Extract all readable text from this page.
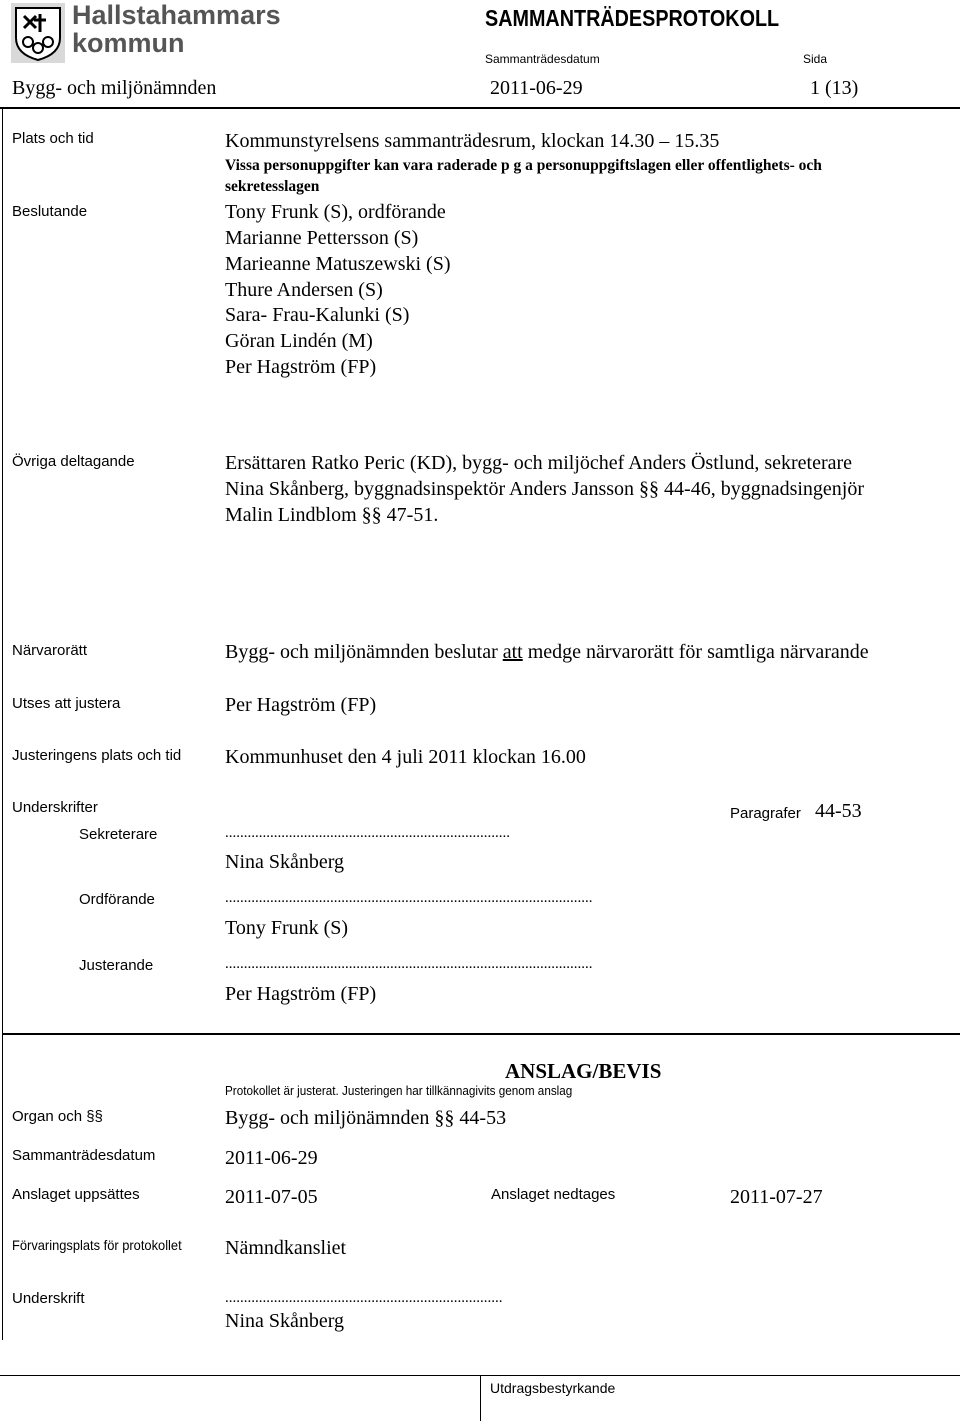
Hallstahammars
kommun
SAMMANTRÄDESPROTOKOLL
Sammanträdesdatum	Sida
Bygg- och miljönämnden	2011-06-29	1 (13)
Plats och tid	Kommunstyrelsens sammanträdesrum, klockan 14.30 – 15.35
Vissa personuppgifter kan vara raderade p g a personuppgiftslagen eller offentlighets- och
sekretesslagen
Beslutande	Tony Frunk (S), ordförande
Marianne Pettersson (S)
Marieanne Matuszewski (S)
Thure Andersen (S)
Sara- Frau-Kalunki (S)
Göran Lindén (M)
Per Hagström (FP)
Övriga deltagande	Ersättaren Ratko Peric (KD), bygg- och miljöchef Anders Östlund, sekreterare
Nina Skånberg, byggnadsinspektör Anders Jansson §§ 44-46, byggnadsingenjör
Malin Lindblom §§ 47-51.
Närvarorätt	Bygg- och miljönämnden beslutar att medge närvarorätt för samtliga närvarande
Utses att justera	Per Hagström (FP)
Justeringens plats och tid Kommunhuset den 4 juli 2011 klockan 16.00
Underskrifter	Paragrafer 44-53
Sekreterare	............................................................................
Nina Skånberg
Ordförande	..................................................................................................
Tony Frunk (S)
Justerande	..................................................................................................
Per Hagström (FP)
ANSLAG/BEVIS
Protokollet är justerat. Justeringen har tillkännagivits genom anslag
Organ och §§	Bygg- och miljönämnden §§ 44-53
Sammanträdesdatum	2011-06-29
Anslaget uppsättes	2011-07-05	Anslaget nedtages	2011-07-27
Förvaringsplats för protokollet Nämndkansliet
Underskrift	..........................................................................
Nina Skånberg
Utdragsbestyrkande
